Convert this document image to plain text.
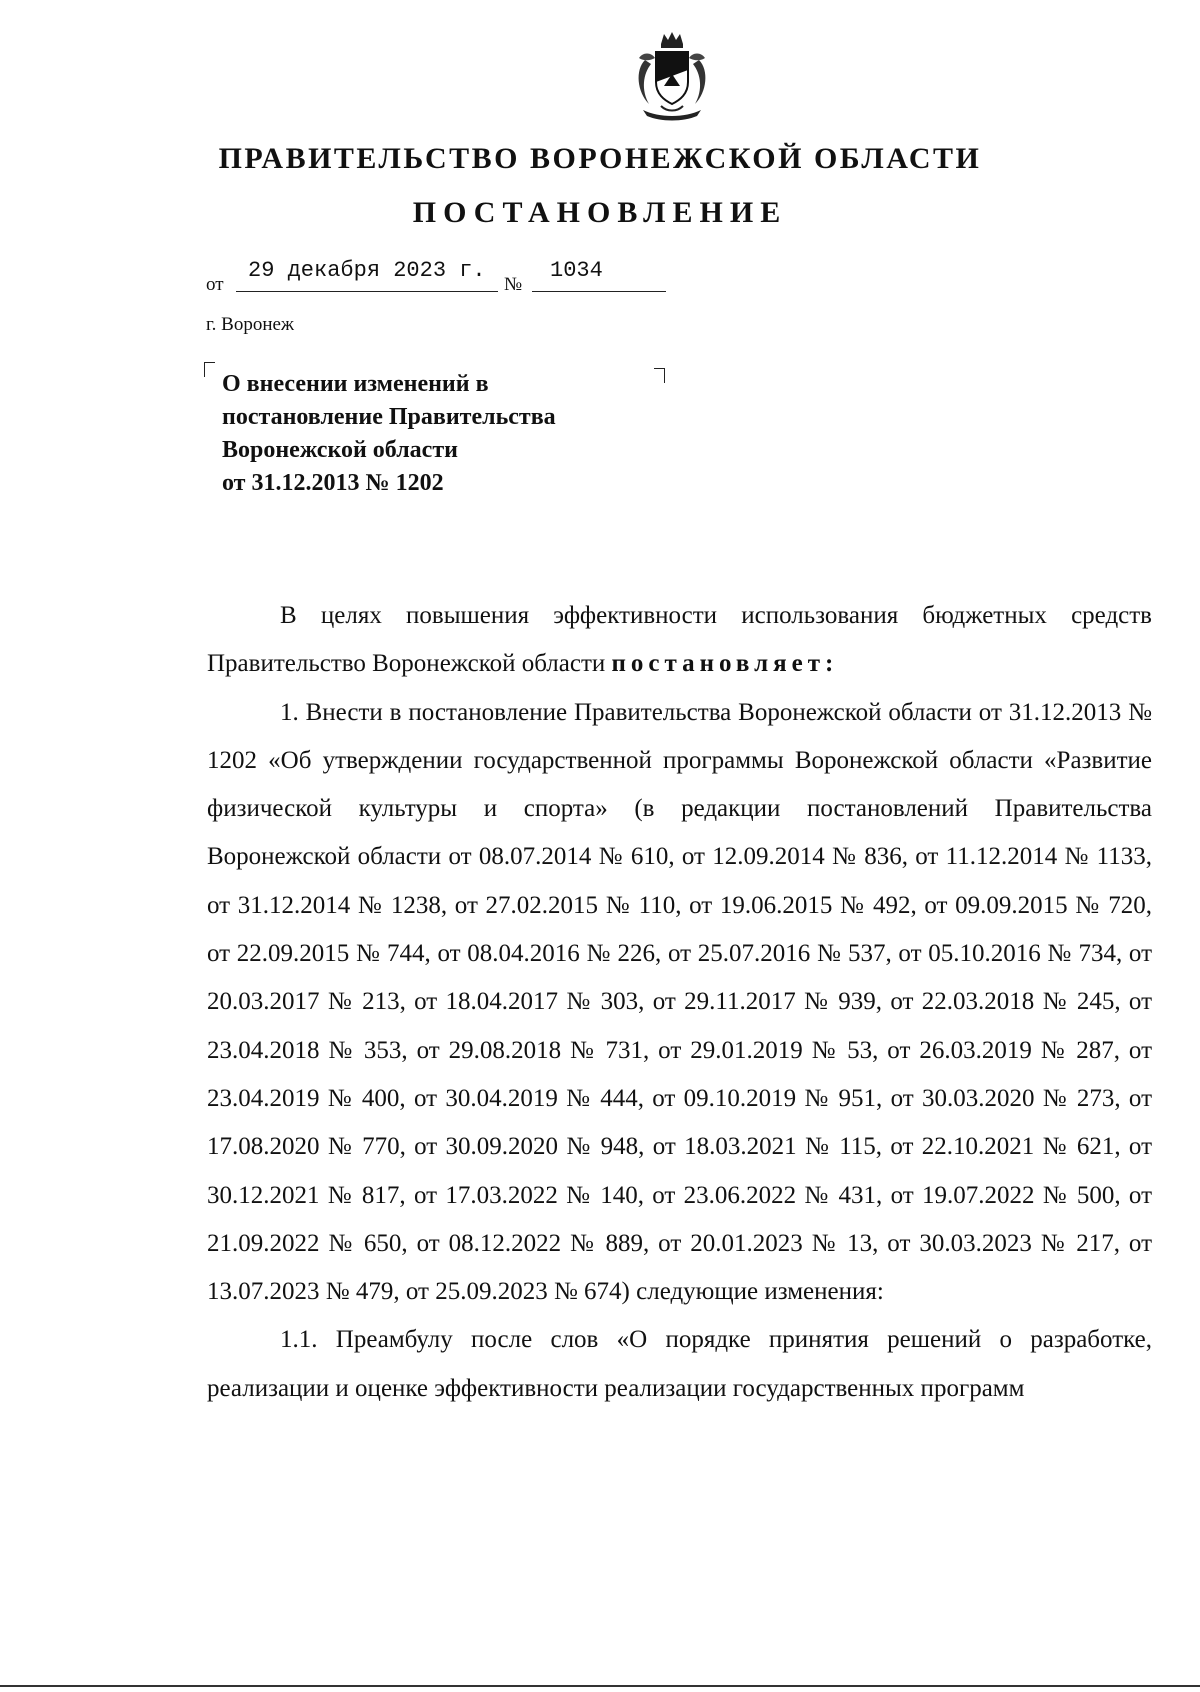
ПРАВИТЕЛЬСТВО ВОРОНЕЖСКОЙ ОБЛАСТИ
ПОСТАНОВЛЕНИЕ
от
29 декабря 2023 г.
№
1034
г. Воронеж
О внесении изменений в
постановление Правительства
Воронежской области
от 31.12.2013 № 1202

В целях повышения эффективности использования бюджетных средств Правительство Воронежской области постановляет:

1. Внести в постановление Правительства Воронежской области от 31.12.2013 № 1202 «Об утверждении государственной программы Воронежской области «Развитие физической культуры и спорта» (в редакции постановлений Правительства Воронежской области от 08.07.2014 № 610, от 12.09.2014 № 836, от 11.12.2014 № 1133, от 31.12.2014 № 1238, от 27.02.2015 № 110, от 19.06.2015 № 492, от 09.09.2015 № 720, от 22.09.2015 № 744, от 08.04.2016 № 226, от 25.07.2016 № 537, от 05.10.2016 № 734, от 20.03.2017 № 213, от 18.04.2017 № 303, от 29.11.2017 № 939, от 22.03.2018 № 245, от 23.04.2018 № 353, от 29.08.2018 № 731, от 29.01.2019 № 53, от 26.03.2019 № 287, от 23.04.2019 № 400, от 30.04.2019 № 444, от 09.10.2019 № 951, от 30.03.2020 № 273, от 17.08.2020 № 770, от 30.09.2020 № 948, от 18.03.2021 № 115, от 22.10.2021 № 621, от 30.12.2021 № 817, от 17.03.2022 № 140, от 23.06.2022 № 431, от 19.07.2022 № 500, от 21.09.2022 № 650, от 08.12.2022 № 889, от 20.01.2023 № 13, от 30.03.2023 № 217, от 13.07.2023 № 479, от 25.09.2023 № 674) следующие изменения:

1.1. Преамбулу после слов «О порядке принятия решений о разработке, реализации и оценке эффективности реализации государственных программ
